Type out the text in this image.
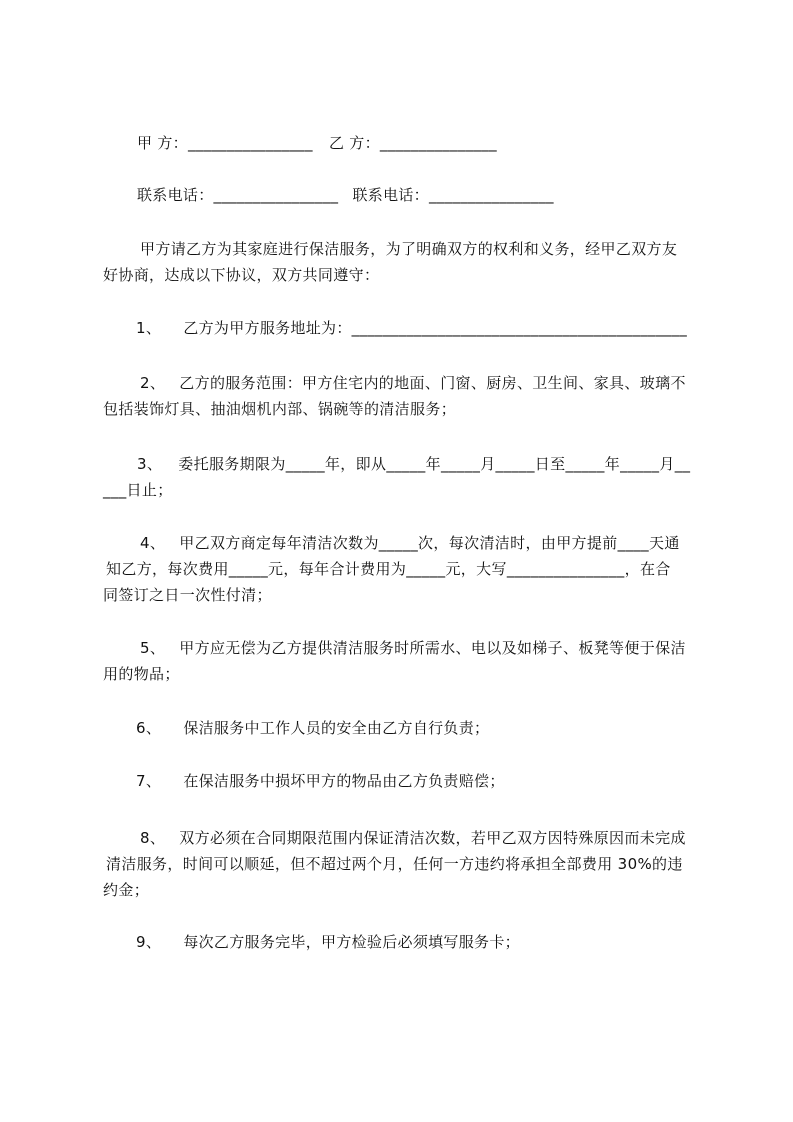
甲 方：________________ 乙 方：_______________
联系电话：________________ 联系电话：________________
甲方请乙方为其家庭进行保洁服务，为了明确双方的权利和义务，经甲乙双方友
好协商，达成以下协议，双方共同遵守：
1、 乙方为甲方服务地址为：___________________________________________
2、 乙方的服务范围：甲方住宅内的地面、门窗、厨房、卫生间、家具、玻璃不
包括装饰灯具、抽油烟机内部、锅碗等的清洁服务；
3、 委托服务期限为_____年，即从_____年_____月_____日至_____年_____月__
___日止；
4、 甲乙双方商定每年清洁次数为_____次，每次清洁时，由甲方提前____天通
知乙方，每次费用_____元，每年合计费用为_____元，大写_______________，在合
同签订之日一次性付清；
5、 甲方应无偿为乙方提供清洁服务时所需水、电以及如梯子、板凳等便于保洁
用的物品；
6、 保洁服务中工作人员的安全由乙方自行负责；
7、 在保洁服务中损坏甲方的物品由乙方负责赔偿；
8、 双方必须在合同期限范围内保证清洁次数，若甲乙双方因特殊原因而未完成
清洁服务，时间可以顺延，但不超过两个月，任何一方违约将承担全部费用 30%的违
约金；
9、 每次乙方服务完毕，甲方检验后必须填写服务卡；
